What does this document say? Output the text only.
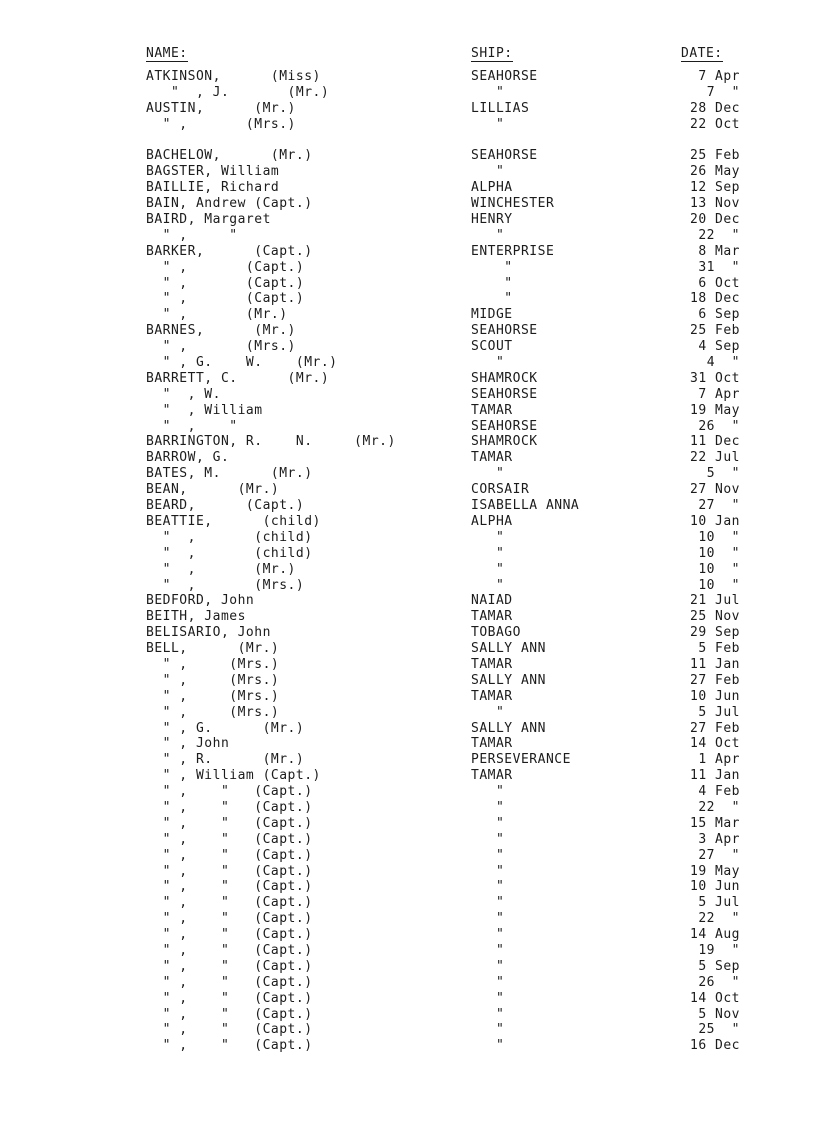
NAME:	SHIP:	DATE:
ATKINSON,      (Miss)	SEAHORSE	7 Apr
"  , J.       (Mr.)	"	7  "
AUSTIN,      (Mr.)	LILLIAS	28 Dec
" ,       (Mrs.)	"	22 Oct
BACHELOW,      (Mr.)	SEAHORSE	25 Feb
BAGSTER, William	"	26 May
BAILLIE, Richard	ALPHA	12 Sep
BAIN, Andrew (Capt.)	WINCHESTER	13 Nov
BAIRD, Margaret	HENRY	20 Dec
" ,     "	"	22  "
BARKER,      (Capt.)	ENTERPRISE	8 Mar
" ,       (Capt.)	"	31  "
" ,       (Capt.)	"	6 Oct
" ,       (Capt.)	"	18 Dec
" ,       (Mr.)	MIDGE	6 Sep
BARNES,      (Mr.)	SEAHORSE	25 Feb
" ,       (Mrs.)	SCOUT	4 Sep
" , G.    W.    (Mr.)	"	4  "
BARRETT, C.      (Mr.)	SHAMROCK	31 Oct
"  , W.	SEAHORSE	7 Apr
"  , William	TAMAR	19 May
"  ,    "	SEAHORSE	26  "
BARRINGTON, R.    N.     (Mr.)	SHAMROCK	11 Dec
BARROW, G.	TAMAR	22 Jul
BATES, M.      (Mr.)	"	5  "
BEAN,      (Mr.)	CORSAIR	27 Nov
BEARD,      (Capt.)	ISABELLA ANNA	27  "
BEATTIE,      (child)	ALPHA	10 Jan
"  ,       (child)	"	10  "
"  ,       (child)	"	10  "
"  ,       (Mr.)	"	10  "
"  ,       (Mrs.)	"	10  "
BEDFORD, John	NAIAD	21 Jul
BEITH, James	TAMAR	25 Nov
BELISARIO, John	TOBAGO	29 Sep
BELL,      (Mr.)	SALLY ANN	5 Feb
" ,     (Mrs.)	TAMAR	11 Jan
" ,     (Mrs.)	SALLY ANN	27 Feb
" ,     (Mrs.)	TAMAR	10 Jun
" ,     (Mrs.)	"	5 Jul
" , G.      (Mr.)	SALLY ANN	27 Feb
" , John	TAMAR	14 Oct
" , R.      (Mr.)	PERSEVERANCE	1 Apr
" , William (Capt.)	TAMAR	11 Jan
" ,    "   (Capt.)	"	4 Feb
" ,    "   (Capt.)	"	22  "
" ,    "   (Capt.)	"	15 Mar
" ,    "   (Capt.)	"	3 Apr
" ,    "   (Capt.)	"	27  "
" ,    "   (Capt.)	"	19 May
" ,    "   (Capt.)	"	10 Jun
" ,    "   (Capt.)	"	5 Jul
" ,    "   (Capt.)	"	22  "
" ,    "   (Capt.)	"	14 Aug
" ,    "   (Capt.)	"	19  "
" ,    "   (Capt.)	"	5 Sep
" ,    "   (Capt.)	"	26  "
" ,    "   (Capt.)	"	14 Oct
" ,    "   (Capt.)	"	5 Nov
" ,    "   (Capt.)	"	25  "
" ,    "   (Capt.)	"	16 Dec
